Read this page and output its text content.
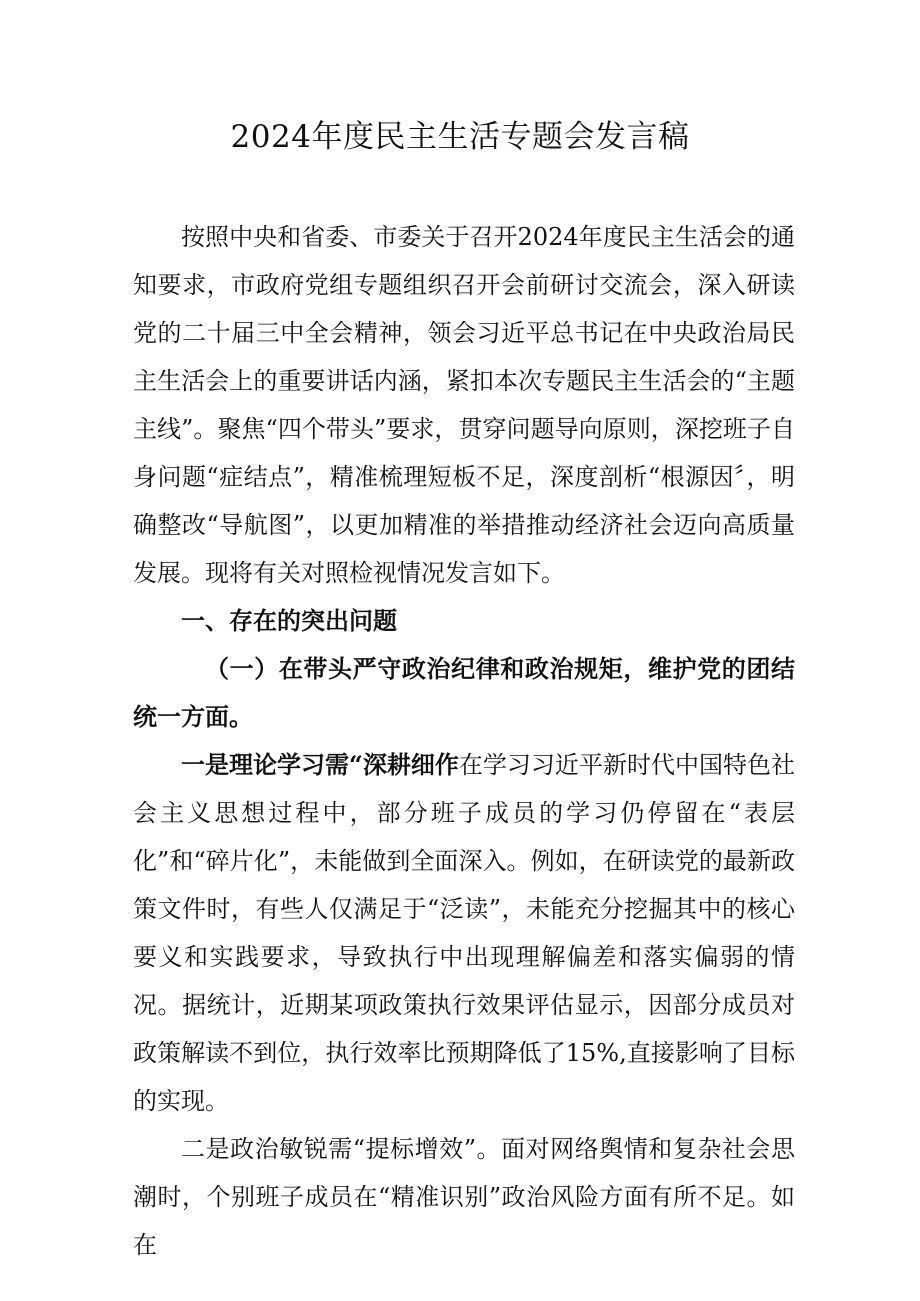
2024年度民主生活专题会发言稿

按照中央和省委、市委关于召开2024年度民主生活会的通知要求，市政府党组专题组织召开会前研讨交流会，深入研读党的二十届三中全会精神，领会习近平总书记在中央政治局民主生活会上的重要讲话内涵，紧扣本次专题民主生活会的“主题主线”。聚焦“四个带头”要求，贯穿问题导向原则，深挖班子自身问题“症结点”，精准梳理短板不足，深度剖析“根源因〞，明确整改“导航图”，以更加精准的举措推动经济社会迈向高质量发展。现将有关对照检视情况发言如下。

一、存在的突出问题

（一）在带头严守政治纪律和政治规矩，维护党的团结统一方面。

一是理论学习需“深耕细作在学习习近平新时代中国特色社会主义思想过程中，部分班子成员的学习仍停留在“表层化”和“碎片化”，未能做到全面深入。例如，在研读党的最新政策文件时，有些人仅满足于“泛读”，未能充分挖掘其中的核心要义和实践要求，导致执行中出现理解偏差和落实偏弱的情况。据统计，近期某项政策执行效果评估显示，因部分成员对政策解读不到位，执行效率比预期降低了15%,直接影响了目标的实现。

二是政治敏锐需“提标增效”。面对网络舆情和复杂社会思潮时，个别班子成员在“精准识别”政治风险方面有所不足。如在
